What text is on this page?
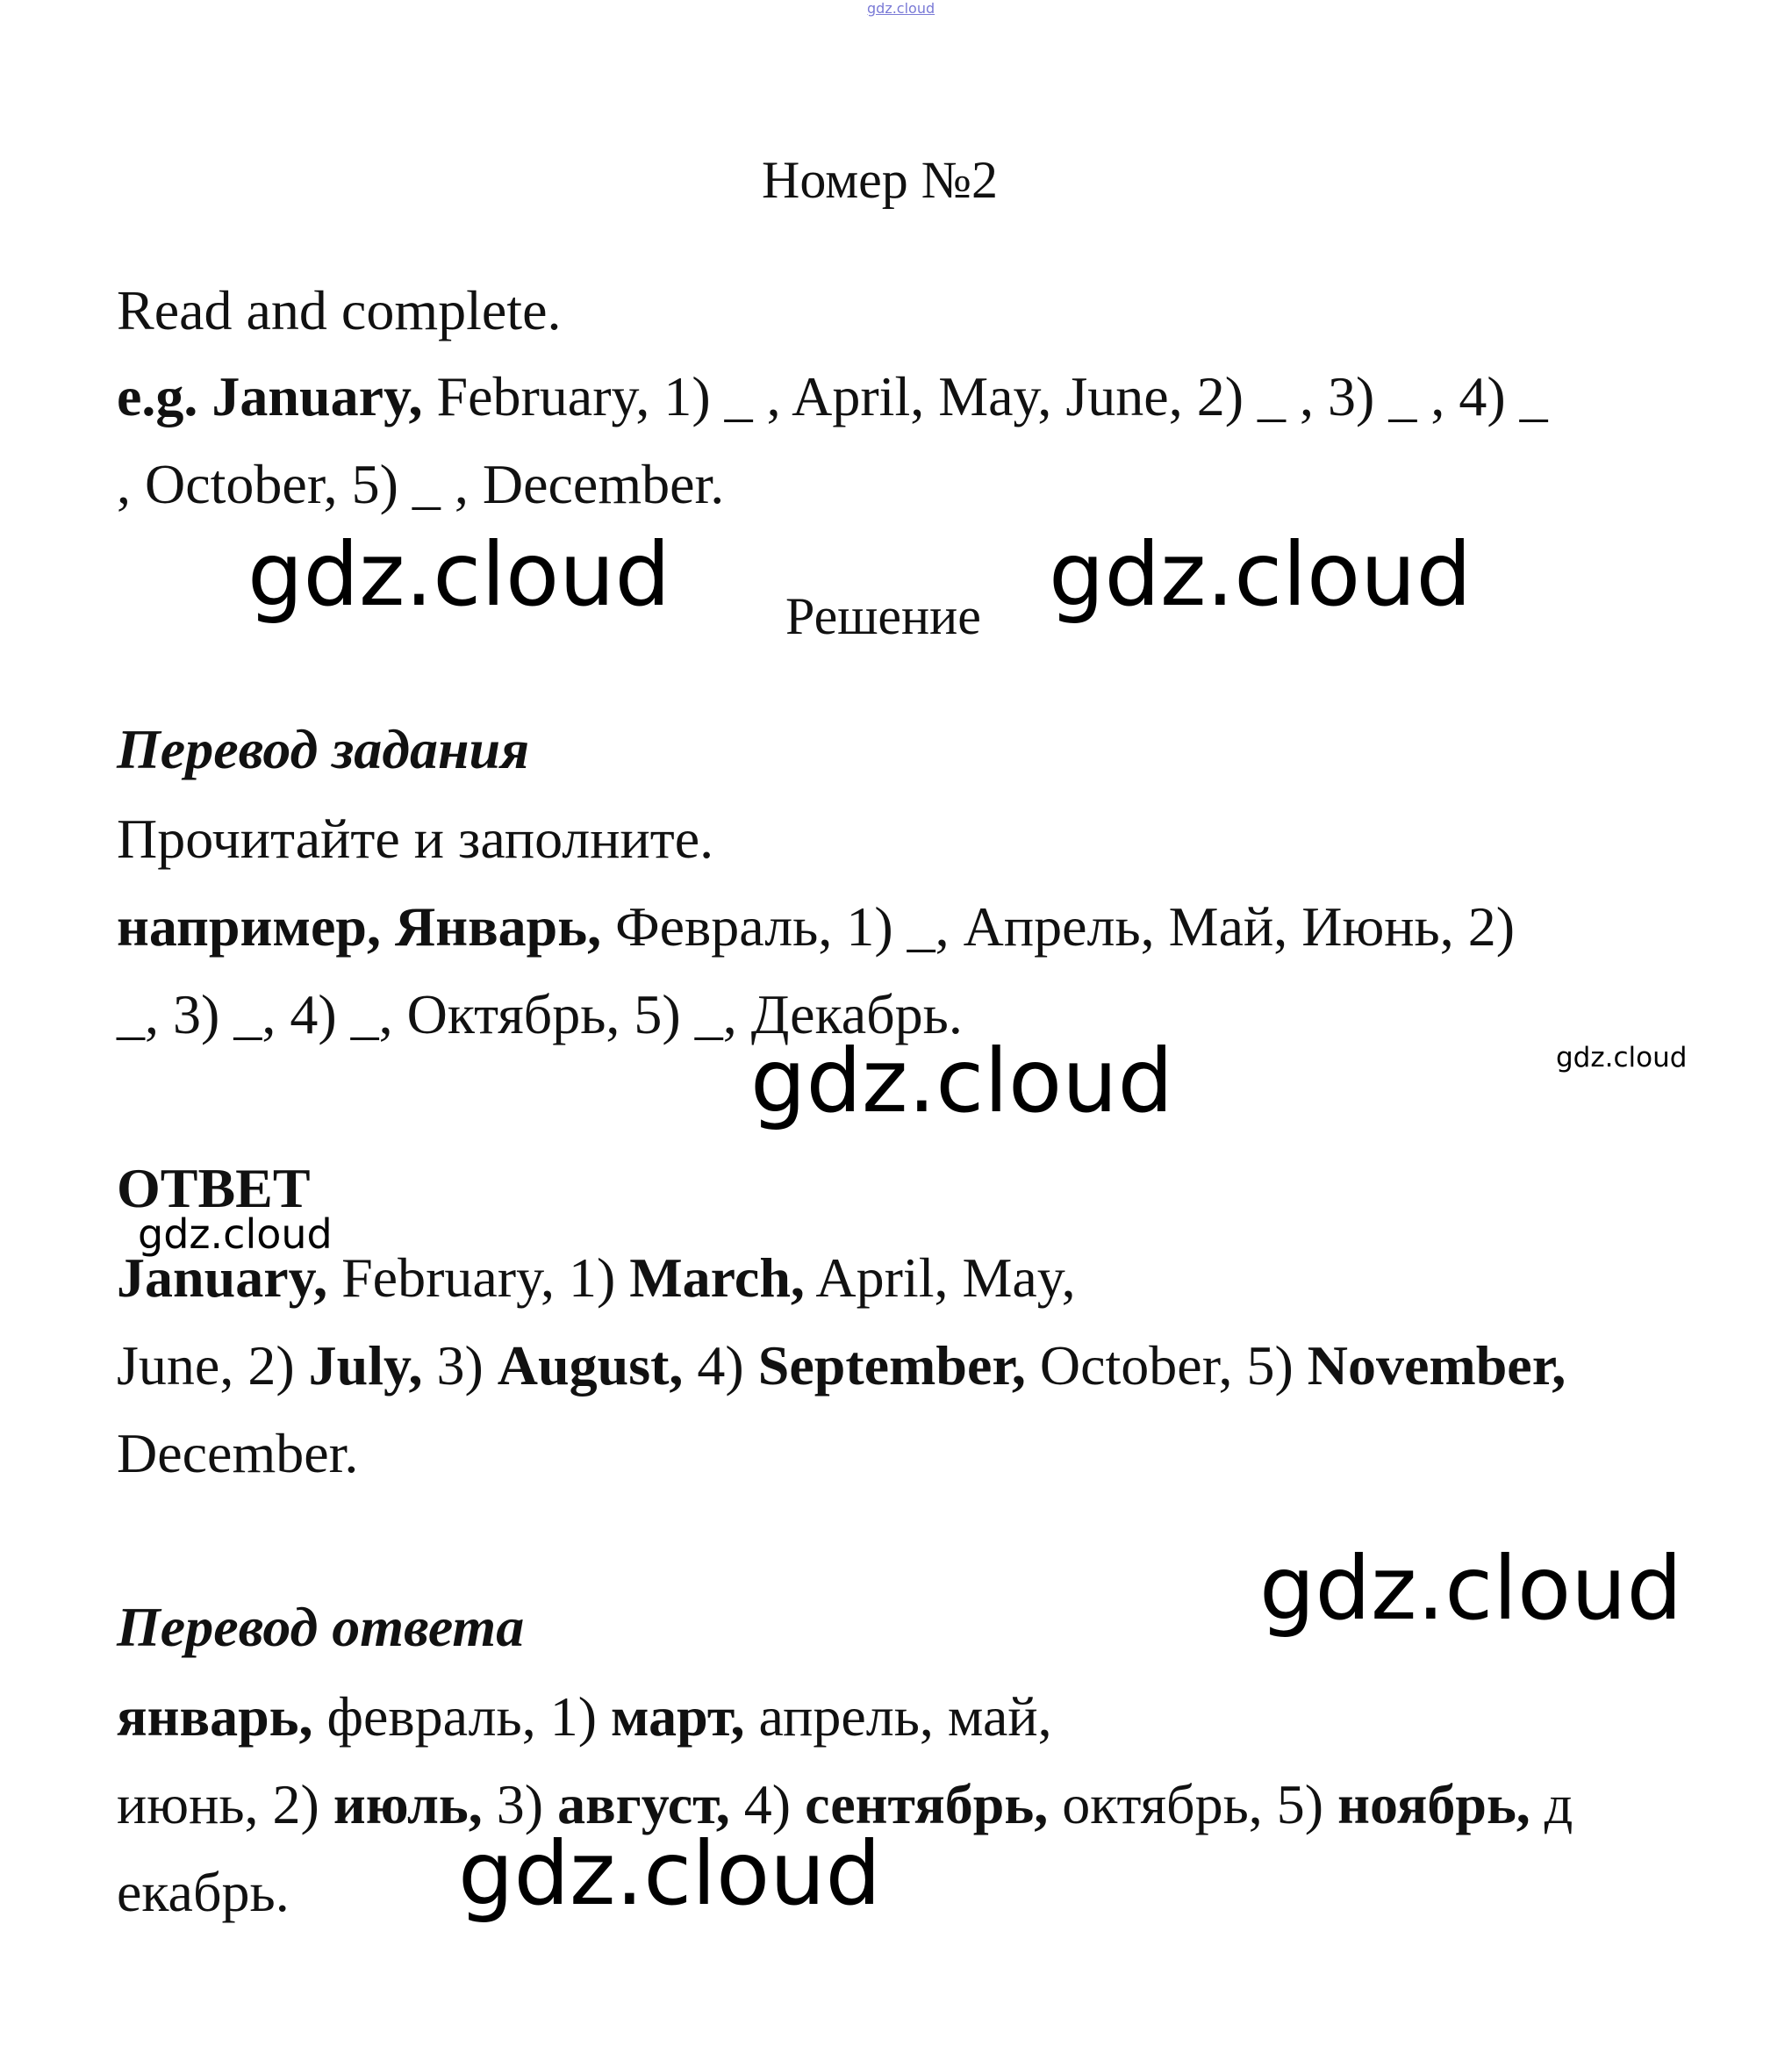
gdz.cloud
Номер №2
Read and complete.
e.g. January, February, 1) _ , April, May, June, 2) _ , 3) _ , 4) _
, October, 5) _ , December.
gdz.cloud Решение gdz.cloud
Перевод задания
Прочитайте и заполните.
например, Январь, Февраль, 1) _, Апрель, Май, Июнь, 2)
_, 3) _, 4) _, Октябрь, 5) _, Декабрь.
gdz.cloud	gdz.cloud
ОТВЕТ
gdz.cloud
January, February, 1) March, April, May,
June, 2) July, 3) August, 4) September, October, 5) November,
December.
gdz.cloud
Перевод ответа
январь, февраль, 1) март, апрель, май,
июнь, 2) июль, 3) август, 4) сентябрь, октябрь, 5) ноябрь, д
екабрь. gdz.cloud
